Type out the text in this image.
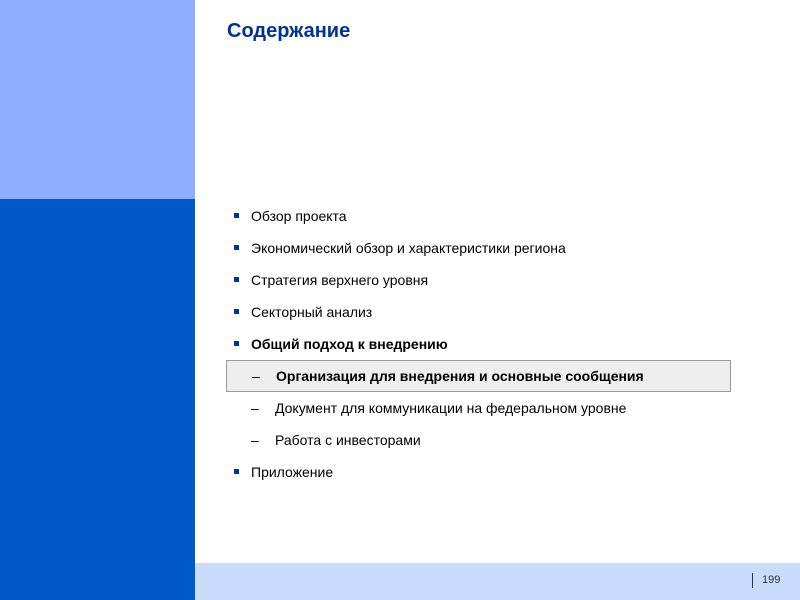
Содержание
Обзор проекта
Экономический обзор и характеристики региона
Стратегия верхнего уровня
Секторный анализ
Общий подход к внедрению
– Организация для внедрения и основные сообщения
– Документ для коммуникации на федеральном уровне
– Работа с инвесторами
Приложение
199
